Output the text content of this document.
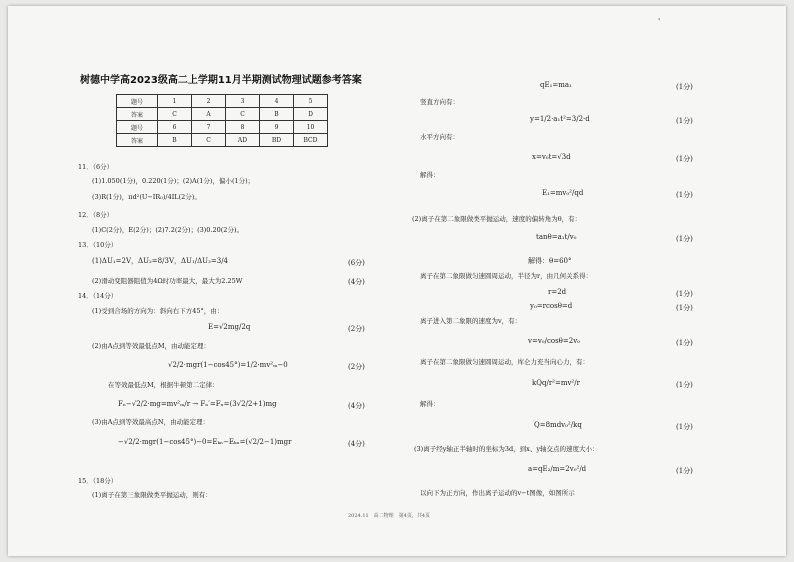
'
树德中学高2023级高二上学期11月半期测试物理试题参考答案
题号	1	2	3	4	5
答案	C	A	C	B	D
题号	6	7	8	9	10
答案	B	C	AD	BD	BCD
11．（6分）
(1)1.050(1分)，0.220(1分)；(2)A(1分)，偏小(1分)；
(3)R(1分)，πd²(U−IR₀)/4IL(2分)。
12．（8分）
(1)C(2分)，E(2分)；(2)7.2(2分)；(3)0.20(2分)。
13．（10分）
(1)ΔU₁=2V，ΔU₂=8/3V，ΔU₁/ΔU₂=3/4	(6分)
(2)滑动变阻器阻值为4Ω时功率最大，最大为2.25W	(4分)
14．（14分）
(1)受到合场的方向为：斜向右下方45°，由：
E=√2mg/2q	(2分)
(2)由A点到等效最低点M，由动能定理：
√2/2·mgr(1−cos45°)=1/2·mv²ₘ−0	(2分)
在等效最低点M，根据牛顿第二定律：
Fₙ−√2/2·mg=mv²ₘ/r → Fₙ′=Fₙ=(3√2/2+1)mg	(4分)
(3)由A点到等效最高点N，由动能定理：
−√2/2·mgr(1−cos45°)−0=Eₖₙ−Eₖₙ=(√2/2−1)mgr	(4分)
15．（18分）
(1)离子在第三象限做类平抛运动，则有：
qE₁=ma₁	(1分)
竖直方向有：
y=1/2·a₁t²=3/2·d	(1分)
水平方向有：
x=v₀t=√3d	(1分)
解得：
E₁=mv₀²/qd	(1分)
(2)离子在第二象限做类平抛运动，速度的偏转角为θ，有：
tanθ=a₁t/v₀	(1分)
解得：θ=60°
离子在第二象限做匀速圆周运动，半径为r，由几何关系得：
r=2d	(1分)
y₀=rcosθ=d	(1分)
离子进入第二象限的速度为v，有：
v=v₀/cosθ=2v₀	(1分)
离子在第二象限做匀速圆周运动，库仑力充当向心力，有：
kQq/r²=mv²/r	(1分)
解得：
Q=8mdv₀²/kq	(1分)
(3)离子经y轴正半轴时的坐标为3d，到x、y轴交点的速度大小：
a=qE₂/m=2v₀²/d	(1分)
以向下为正方向，作出离子运动的v−t图像，如图所示
2024.11　高二物理　第4页，共4页
